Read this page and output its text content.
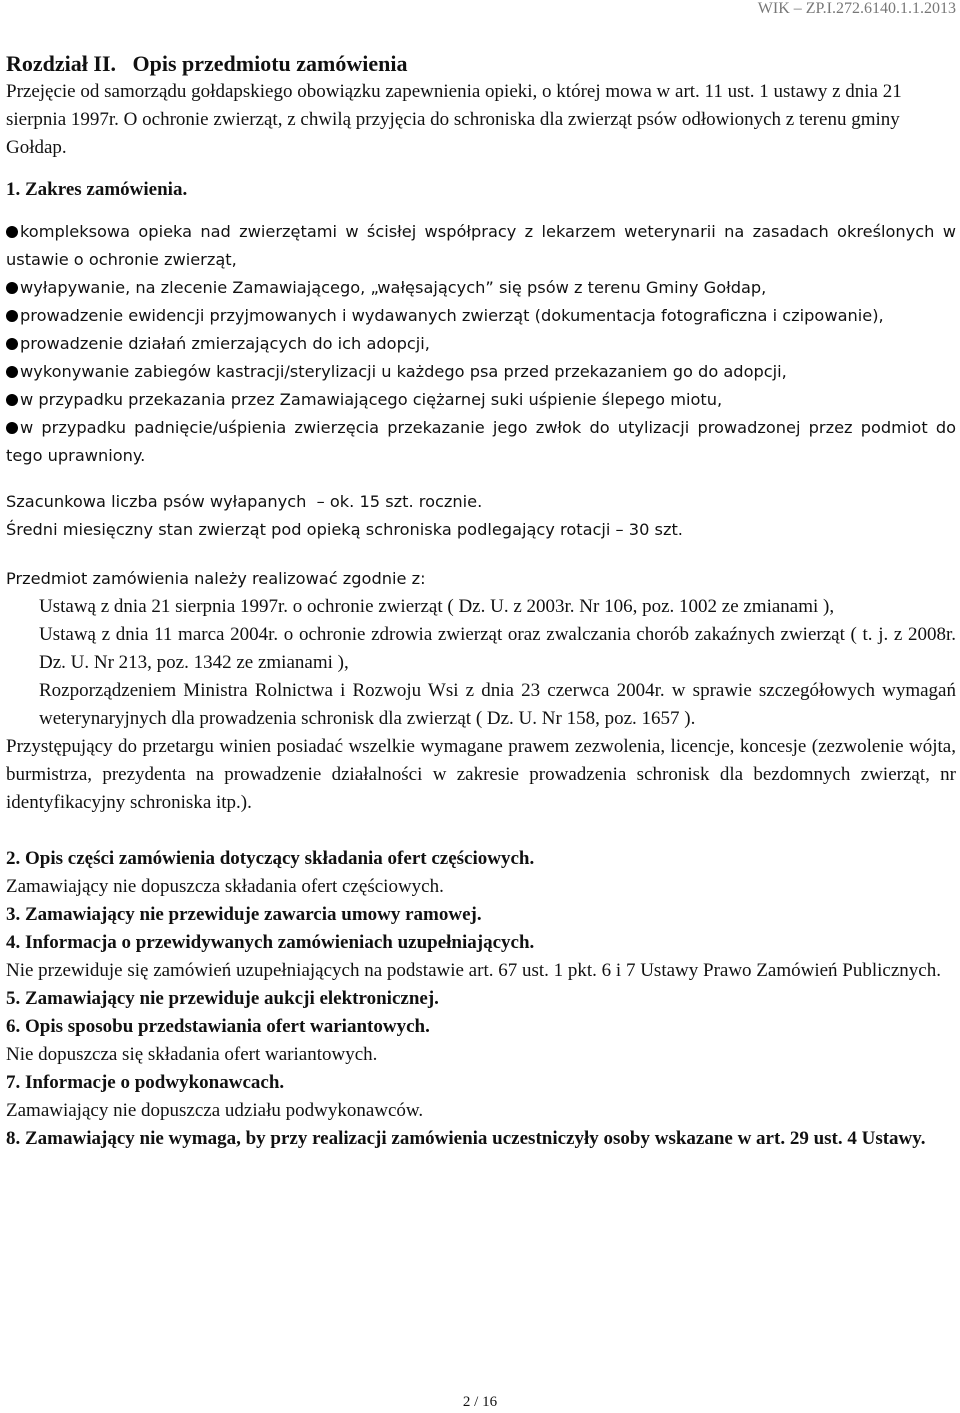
WIK – ZP.I.272.6140.1.1.2013
Rozdział II.   Opis przedmiotu zamówienia
Przejęcie od samorządu gołdapskiego obowiązku zapewnienia opieki, o której mowa w art. 11 ust. 1 ustawy z dnia 21 sierpnia 1997r. O ochronie zwierząt, z chwilą przyjęcia do schroniska dla zwierząt psów odłowionych z terenu gminy Gołdap.
1. Zakres zamówienia.
kompleksowa opieka nad zwierzętami w ścisłej współpracy z lekarzem weterynarii na zasadach określonych w ustawie o ochronie zwierząt,
wyłapywanie, na zlecenie Zamawiającego, „wałęsających” się psów z terenu Gminy Gołdap,
prowadzenie ewidencji przyjmowanych i wydawanych zwierząt (dokumentacja fotograficzna i czipowanie),
prowadzenie działań zmierzających do ich adopcji,
wykonywanie zabiegów kastracji/sterylizacji u każdego psa przed przekazaniem go do adopcji,
w przypadku przekazania przez Zamawiającego ciężarnej suki uśpienie ślepego miotu,
w przypadku padnięcie/uśpienia zwierzęcia przekazanie jego zwłok do utylizacji prowadzonej przez podmiot do tego uprawniony.
Szacunkowa liczba psów wyłapanych  – ok. 15 szt. rocznie.
Średni miesięczny stan zwierząt pod opieką schroniska podlegający rotacji – 30 szt.
Przedmiot zamówienia należy realizować zgodnie z:
Ustawą z dnia 21 sierpnia 1997r. o ochronie zwierząt ( Dz. U. z 2003r. Nr 106, poz. 1002 ze zmianami ),
Ustawą z dnia 11 marca 2004r. o ochronie zdrowia zwierząt oraz zwalczania chorób zakaźnych zwierząt ( t. j. z 2008r. Dz. U. Nr 213, poz. 1342 ze zmianami ),
Rozporządzeniem Ministra Rolnictwa i Rozwoju Wsi z dnia 23 czerwca 2004r. w sprawie szczegółowych wymagań weterynaryjnych dla prowadzenia schronisk dla zwierząt ( Dz. U. Nr 158, poz. 1657 ).
Przystępujący do przetargu winien posiadać wszelkie wymagane prawem zezwolenia, licencje, koncesje (zezwolenie wójta, burmistrza, prezydenta na prowadzenie działalności w zakresie prowadzenia schronisk dla bezdomnych zwierząt, nr identyfikacyjny schroniska itp.).
2. Opis części zamówienia dotyczący składania ofert częściowych.
Zamawiający nie dopuszcza składania ofert częściowych.
3. Zamawiający nie przewiduje zawarcia umowy ramowej.
4. Informacja o przewidywanych zamówieniach uzupełniających.
Nie przewiduje się zamówień uzupełniających na podstawie art. 67 ust. 1 pkt. 6 i 7 Ustawy Prawo Zamówień Publicznych.
5. Zamawiający nie przewiduje aukcji elektronicznej.
6. Opis sposobu przedstawiania ofert wariantowych.
Nie dopuszcza się składania ofert wariantowych.
7. Informacje o podwykonawcach.
Zamawiający nie dopuszcza udziału podwykonawców.
8. Zamawiający nie wymaga, by przy realizacji zamówienia uczestniczyły osoby wskazane w art. 29 ust. 4 Ustawy.
2 / 16
